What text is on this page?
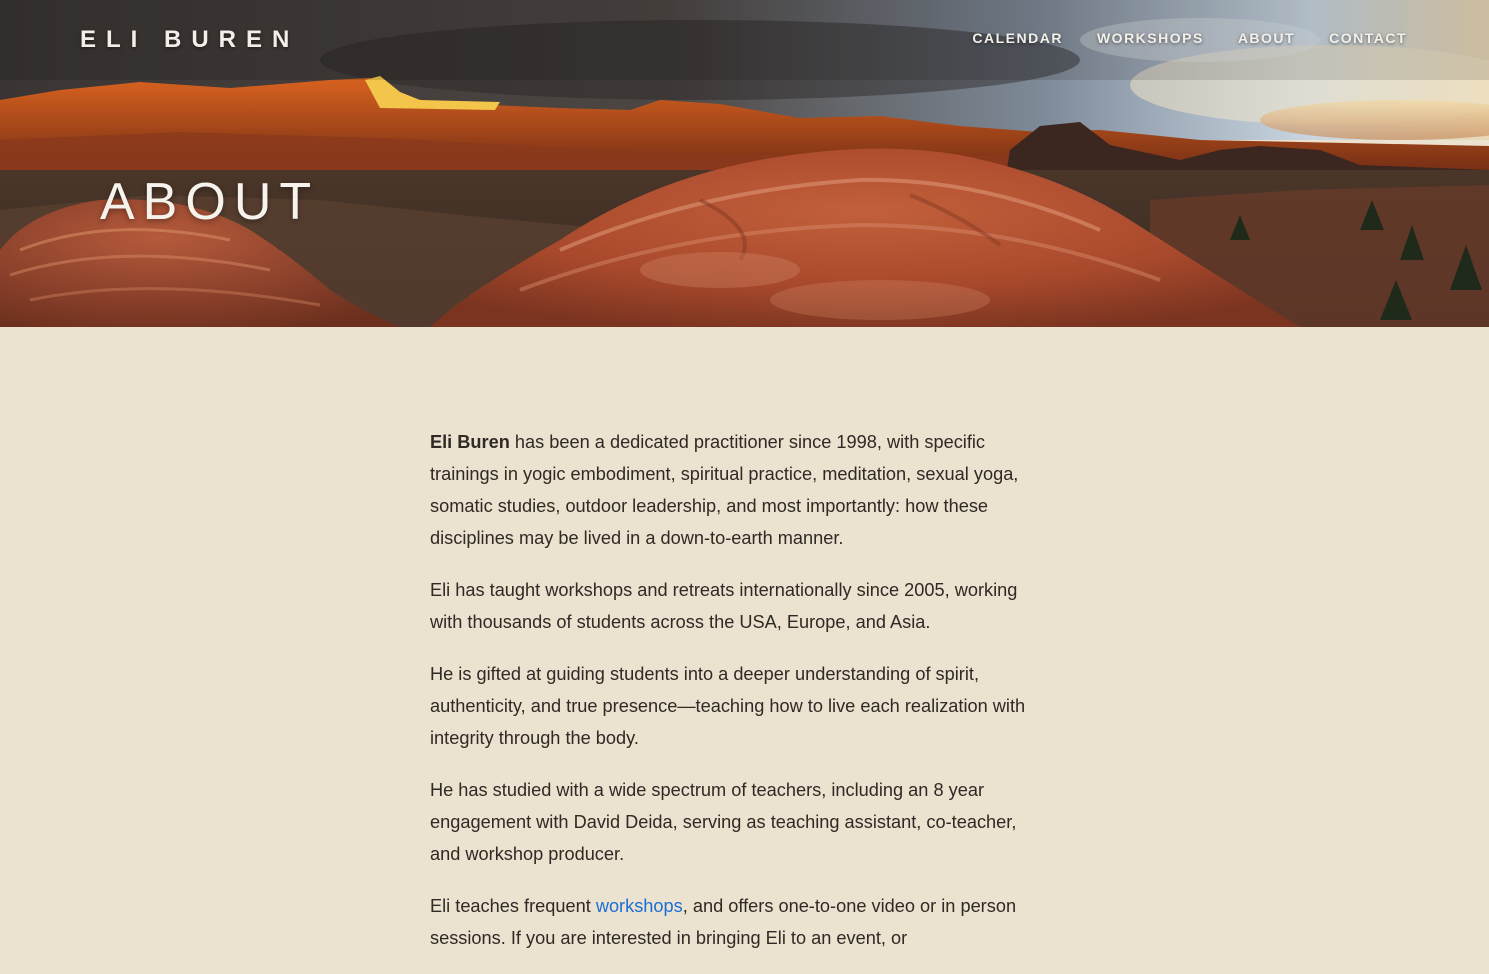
ELI BUREN	CALENDAR WORKSHOPS ABOUT CONTACT
ABOUT

Eli Buren has been a dedicated practitioner since 1998, with specific trainings in yogic embodiment, spiritual practice, meditation, sexual yoga, somatic studies, outdoor leadership, and most importantly: how these disciplines may be lived in a down-to-earth manner.

Eli has taught workshops and retreats internationally since 2005, working with thousands of students across the USA, Europe, and Asia.

He is gifted at guiding students into a deeper understanding of spirit, authenticity, and true presence—teaching how to live each realization with integrity through the body.

He has studied with a wide spectrum of teachers, including an 8 year engagement with David Deida, serving as teaching assistant, co-teacher, and workshop producer.

Eli teaches frequent workshops, and offers one-to-one video or in person sessions. If you are interested in bringing Eli to an event, or
